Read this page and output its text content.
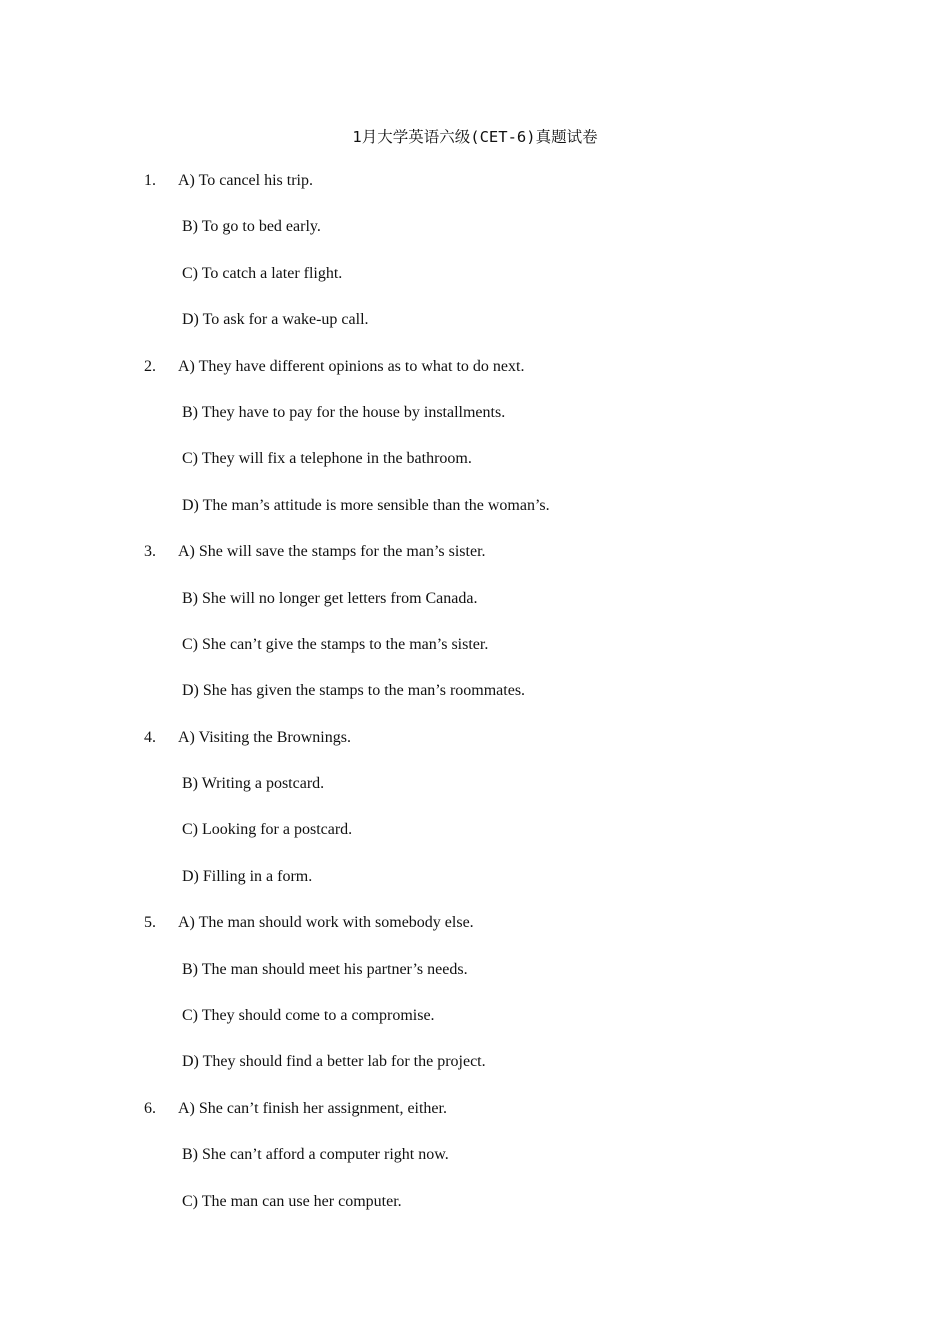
1月大学英语六级(CET-6)真题试卷
1. A) To cancel his trip.
B) To go to bed early.
C) To catch a later flight.
D) To ask for a wake-up call.
2. A) They have different opinions as to what to do next.
B) They have to pay for the house by installments.
C) They will fix a telephone in the bathroom.
D) The man’s attitude is more sensible than the woman’s.
3. A) She will save the stamps for the man’s sister.
B) She will no longer get letters from Canada.
C) She can’t give the stamps to the man’s sister.
D) She has given the stamps to the man’s roommates.
4. A) Visiting the Brownings.
B) Writing a postcard.
C) Looking for a postcard.
D) Filling in a form.
5. A) The man should work with somebody else.
B) The man should meet his partner’s needs.
C) They should come to a compromise.
D) They should find a better lab for the project.
6. A) She can’t finish her assignment, either.
B) She can’t afford a computer right now.
C) The man can use her computer.
